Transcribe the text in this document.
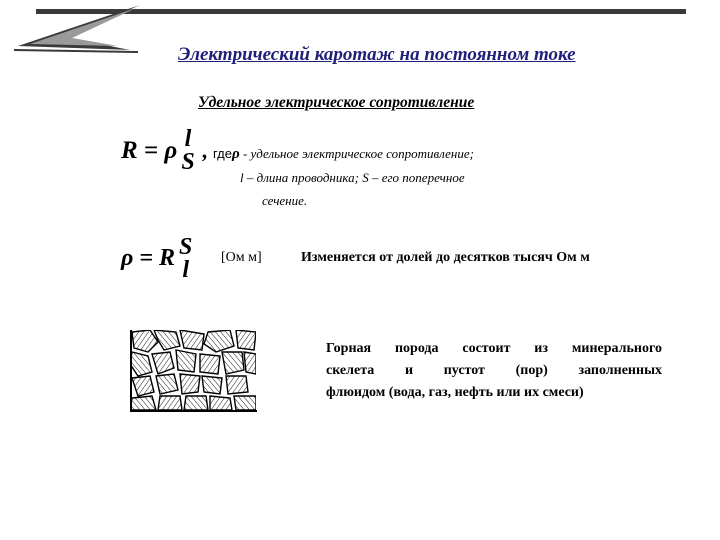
Электрический каротаж на постоянном токе
Удельное электрическое сопротивление
R = ρ l
S , гдеρ - удельное электрическое сопротивление;
l – длина проводника; S – его поперечное
сечение.
ρ = R S
l [Ом м]	Изменяется от долей до десятков тысяч Ом м
Горная порода состоит из минерального
скелета и пустот (пор) заполненных
флюидом (вода, газ, нефть или их смеси)
